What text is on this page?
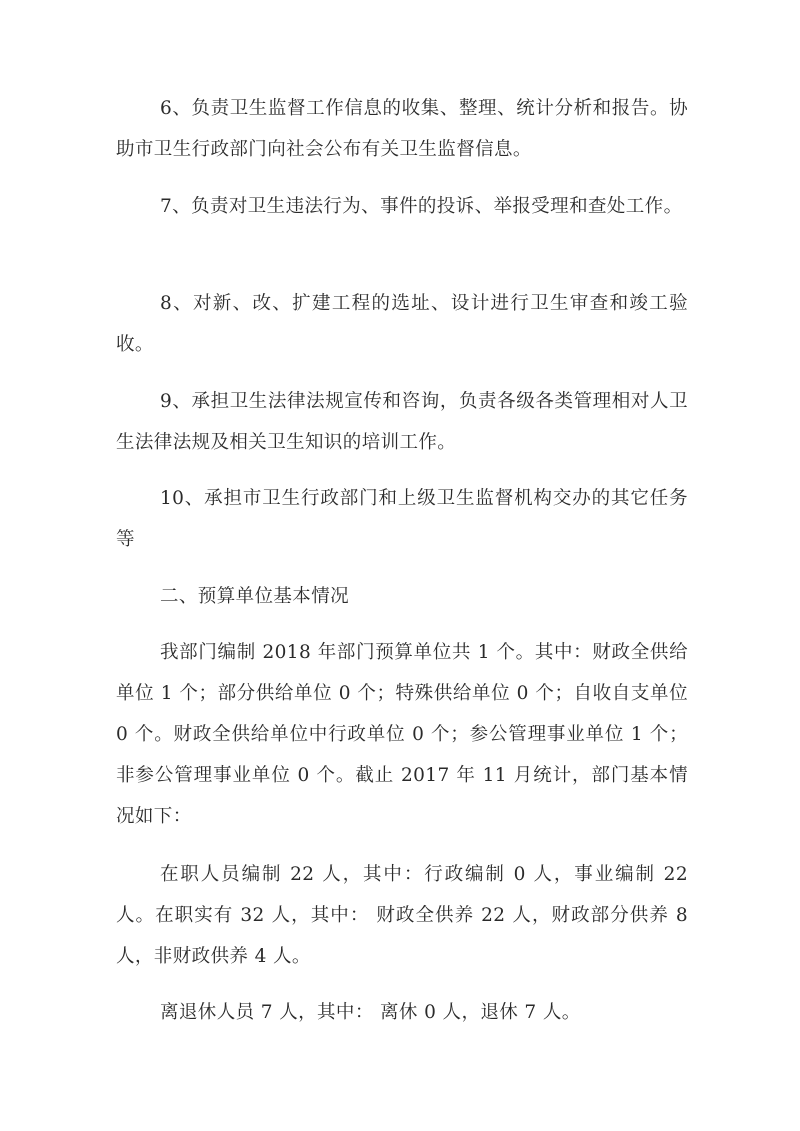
6、负责卫生监督工作信息的收集、整理、统计分析和报告。协助市卫生行政部门向社会公布有关卫生监督信息。

7、负责对卫生违法行为、事件的投诉、举报受理和查处工作。

8、对新、改、扩建工程的选址、设计进行卫生审查和竣工验收。

9、承担卫生法律法规宣传和咨询，负责各级各类管理相对人卫生法律法规及相关卫生知识的培训工作。

10、承担市卫生行政部门和上级卫生监督机构交办的其它任务等

二、预算单位基本情况

我部门编制 2018 年部门预算单位共 1 个。其中：财政全供给单位 1 个；部分供给单位 0 个；特殊供给单位 0 个；自收自支单位 0 个。财政全供给单位中行政单位 0 个；参公管理事业单位 1 个；非参公管理事业单位 0 个。截止 2017 年 11 月统计，部门基本情况如下：

在职人员编制 22 人，其中：行政编制 0 人，事业编制 22 人。在职实有 32 人，其中： 财政全供养 22 人，财政部分供养 8 人，非财政供养 4 人。

离退休人员 7 人，其中： 离休 0 人，退休 7 人。
